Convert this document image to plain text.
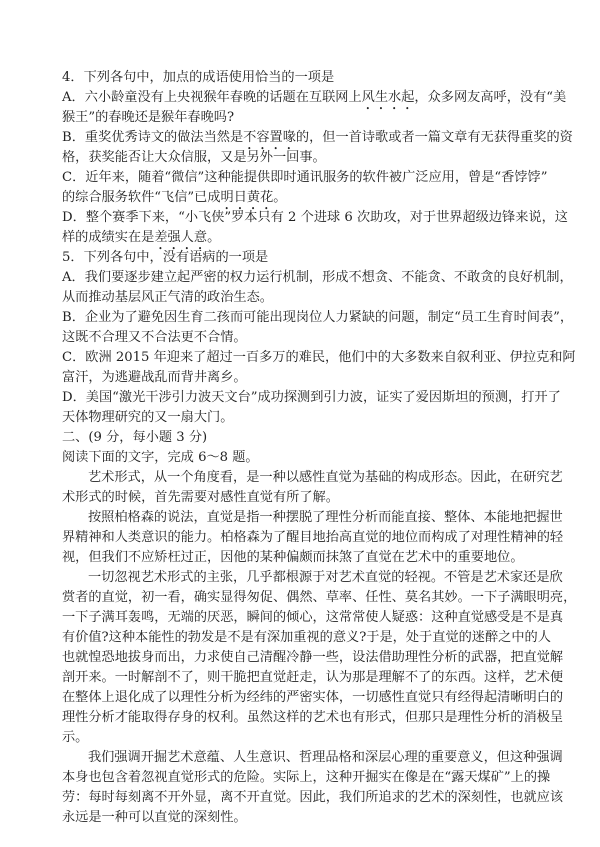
4．下列各句中，加点的成语使用恰当的一项是
A．六小龄童没有上央视猴年春晚的话题在互联网上风生水起，众多网友高呼，没有“美
猴王”的春晚还是猴年春晚吗?
B．重奖优秀诗文的做法当然是不容置喙的，但一首诗歌或者一篇文章有无获得重奖的资
格，获奖能否让大众信服，又是另外一回事。
C．近年来，随着“微信”这种能提供即时通讯服务的软件被广泛应用，曾是“香饽饽”
的综合服务软件“飞信”已成明日黄花。
D．整个赛季下来，“小飞侠”罗本只有 2 个进球 6 次助攻，对于世界超级边锋来说，这
样的成绩实在是差强人意。
5．下列各句中，没有语病的一项是
A．我们要逐步建立起严密的权力运行机制，形成不想贪、不能贪、不敢贪的良好机制，
从而推动基层风正气清的政治生态。
B．企业为了避免因生育二孩而可能出现岗位人力紧缺的问题，制定“员工生育时间表”，
这既不合理又不合法更不合情。
C．欧洲 2015 年迎来了超过一百多万的难民，他们中的大多数来自叙利亚、伊拉克和阿
富汗，为逃避战乱而背井离乡。
D．美国“激光干涉引力波天文台”成功探测到引力波，证实了爱因斯坦的预测，打开了
天体物理研究的又一扇大门。
二、(9 分，每小题 3 分)
阅读下面的文字，完成 6～8 题。
艺术形式，从一个角度看，是一种以感性直觉为基础的构成形态。因此，在研究艺
术形式的时候，首先需要对感性直觉有所了解。
按照柏格森的说法，直觉是指一种摆脱了理性分析而能直接、整体、本能地把握世
界精神和人类意识的能力。柏格森为了醒目地抬高直觉的地位而构成了对理性精神的轻
视，但我们不应矫枉过正，因他的某种偏颇而抹煞了直觉在艺术中的重要地位。
一切忽视艺术形式的主张，几乎都根源于对艺术直觉的轻视。不管是艺术家还是欣
赏者的直觉，初一看，确实显得匆促、偶然、草率、任性、莫名其妙。一下子满眼明亮，
一下子满耳轰鸣，无端的厌恶，瞬间的倾心，这常常使人疑惑：这种直觉感受是不是真
有价值?这种本能性的勃发是不是有深加重视的意义?于是，处于直觉的迷醉之中的人
也就惶恐地拔身而出，力求使自己清醒冷静一些，设法借助理性分析的武器，把直觉解
剖开来。一时解剖不了，则干脆把直觉赶走，认为那是理解不了的东西。这样，艺术便
在整体上退化成了以理性分析为经纬的严密实体，一切感性直觉只有经得起清晰明白的
理性分析才能取得存身的权利。虽然这样的艺术也有形式，但那只是理性分析的消极呈
示。
我们强调开掘艺术意蕴、人生意识、哲理品格和深层心理的重要意义，但这种强调
本身也包含着忽视直觉形式的危险。实际上，这种开掘实在像是在“露天煤矿”上的操
劳：每时每刻离不开外显，离不开直觉。因此，我们所追求的艺术的深刻性，也就应该
永远是一种可以直觉的深刻性。
